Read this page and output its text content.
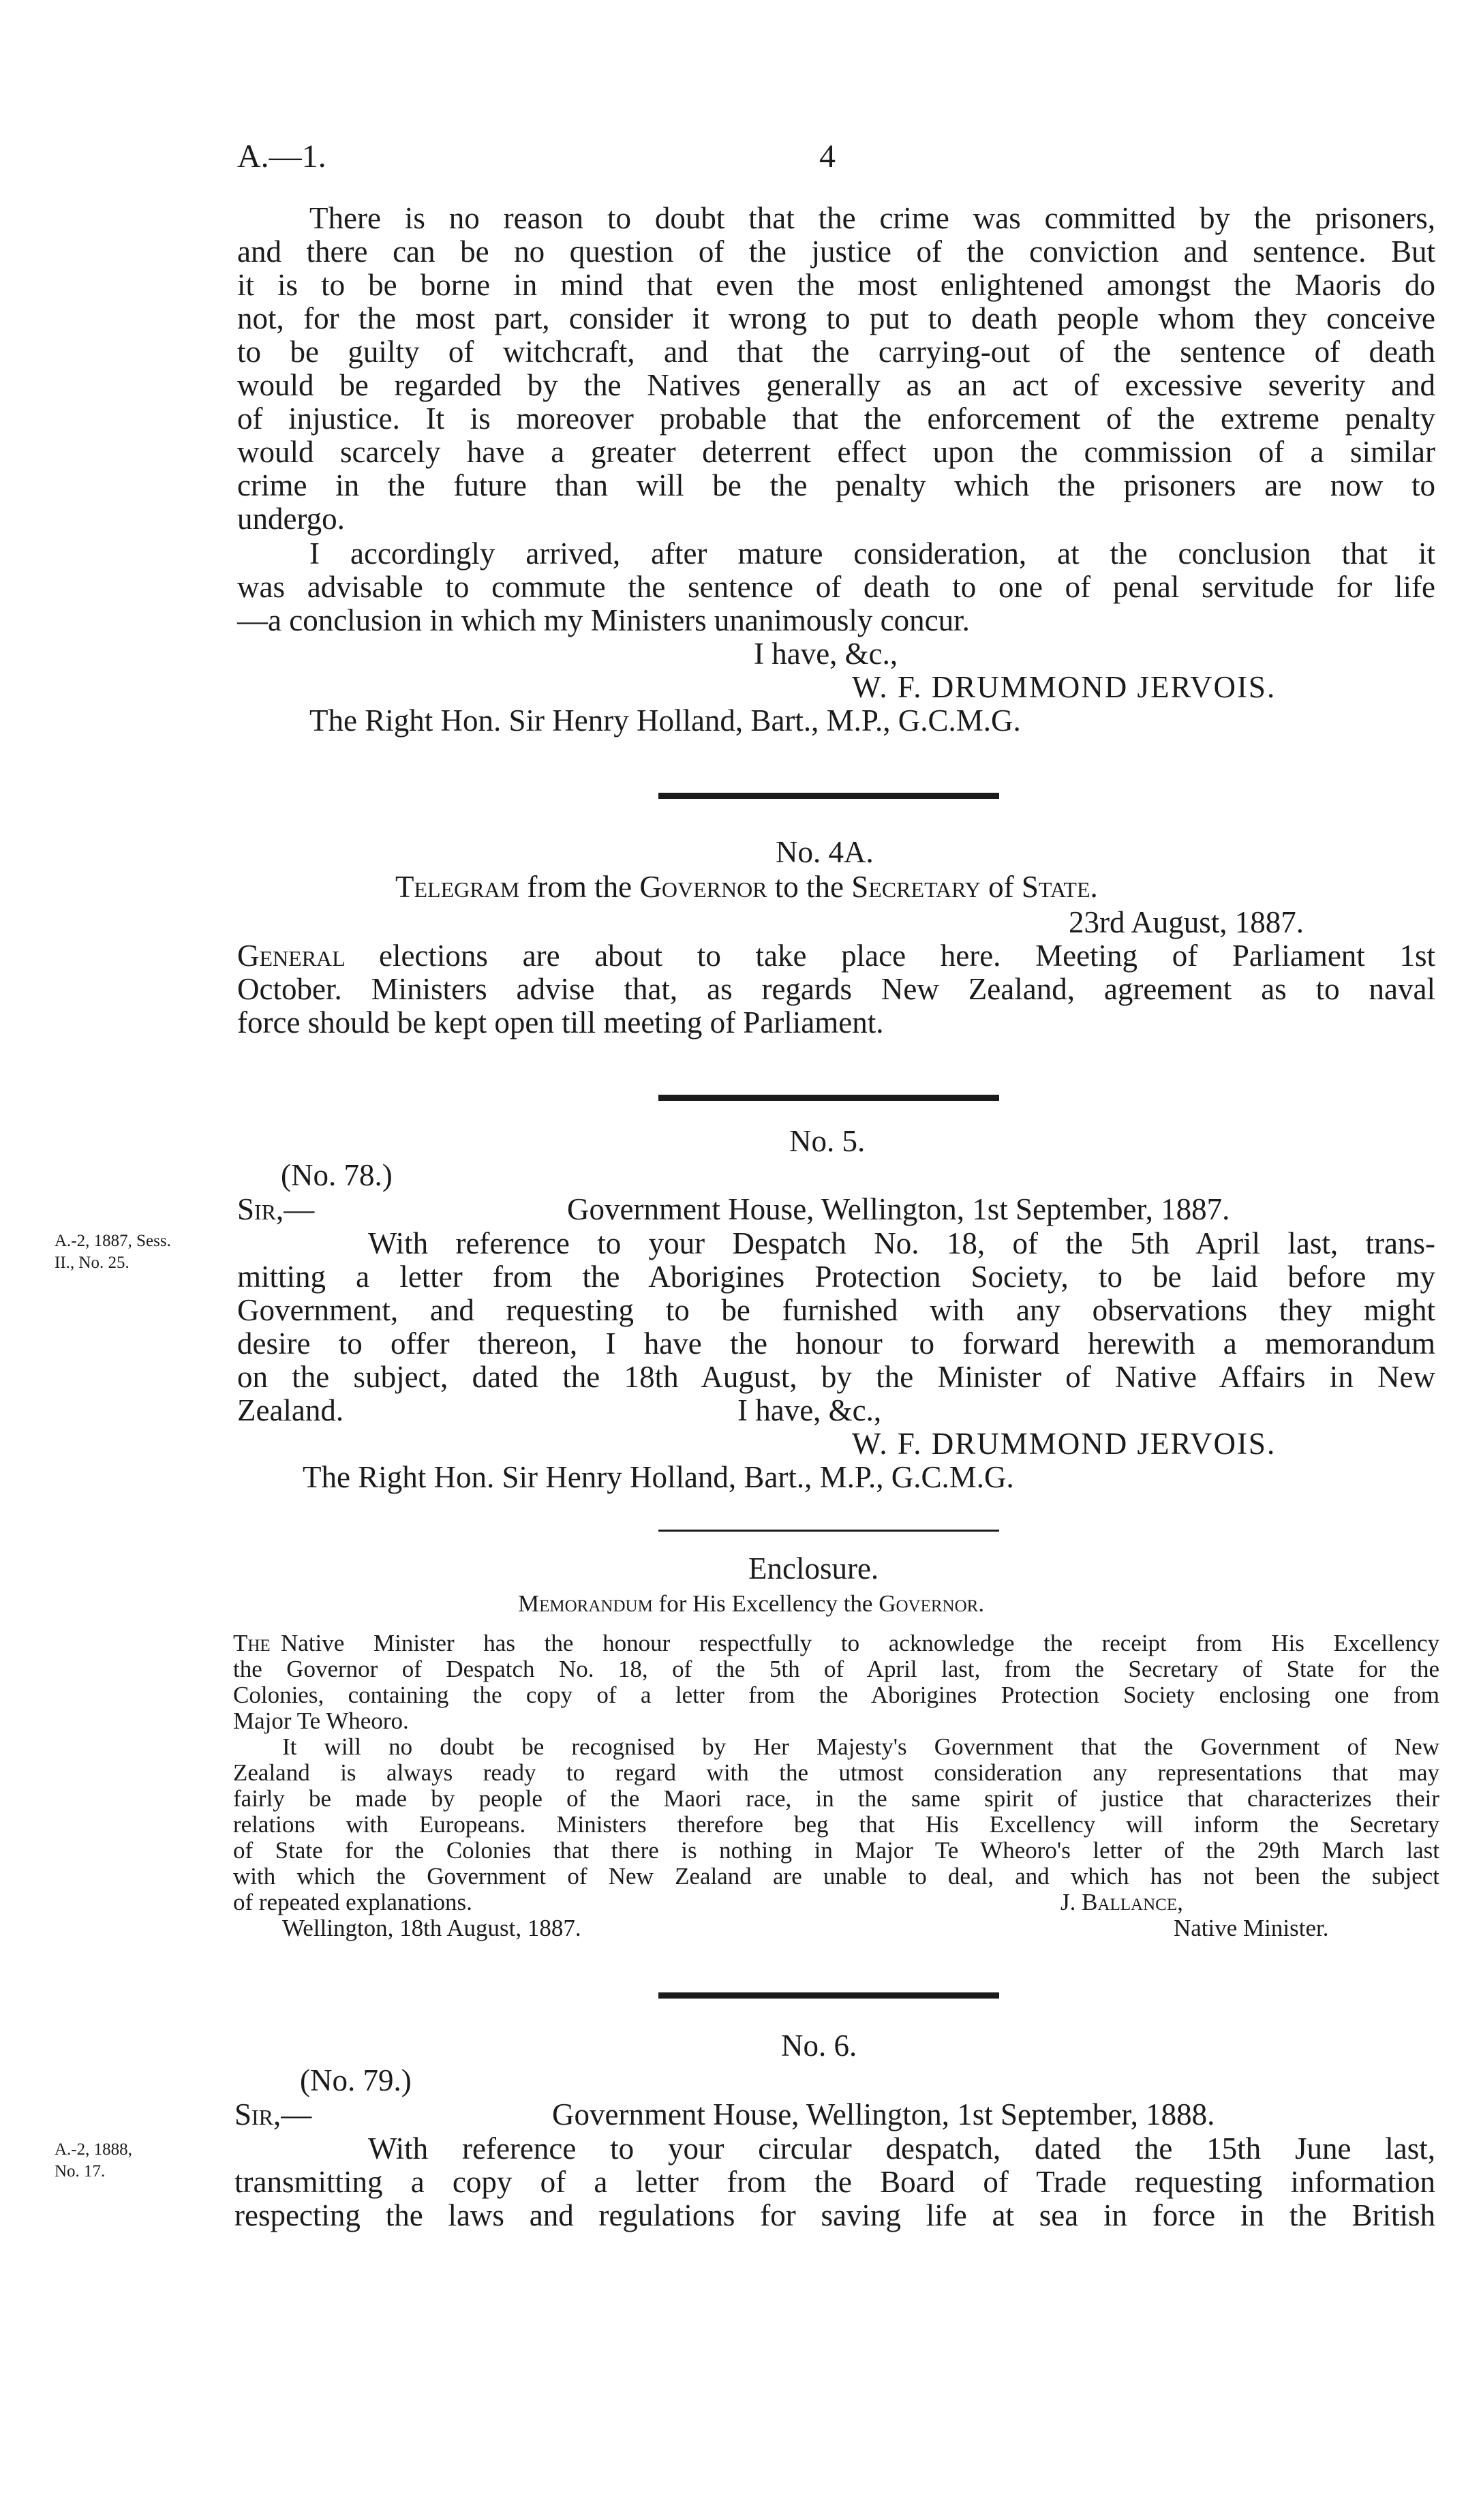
A.—1.	4
There is no reason to doubt that the crime was committed by the prisoners,
and there can be no question of the justice of the conviction and sentence. But
it is to be borne in mind that even the most enlightened amongst the Maoris do
not, for the most part, consider it wrong to put to death people whom they conceive
to be guilty of witchcraft, and that the carrying-out of the sentence of death
would be regarded by the Natives generally as an act of excessive severity and
of injustice. It is moreover probable that the enforcement of the extreme penalty
would scarcely have a greater deterrent effect upon the commission of a similar
crime in the future than will be the penalty which the prisoners are now to
undergo.
I accordingly arrived, after mature consideration, at the conclusion that it
was advisable to commute the sentence of death to one of penal servitude for life
—a conclusion in which my Ministers unanimously concur.
I have, &c.,
W. F. DRUMMOND JERVOIS.
The Right Hon. Sir Henry Holland, Bart., M.P., G.C.M.G.
No. 4A.
Telegram from the Governor to the Secretary of State.
23rd August, 1887.
General elections are about to take place here. Meeting of Parliament 1st
October. Ministers advise that, as regards New Zealand, agreement as to naval
force should be kept open till meeting of Parliament.
No. 5.
(No. 78.)
Sir,—	Government House, Wellington, 1st September, 1887.
A.-2, 1887, Sess.
II., No. 25.
With reference to your Despatch No. 18, of the 5th April last, trans-
mitting a letter from the Aborigines Protection Society, to be laid before my
Government, and requesting to be furnished with any observations they might
desire to offer thereon, I have the honour to forward herewith a memorandum
on the subject, dated the 18th August, by the Minister of Native Affairs in New
Zealand.	I have, &c.,
W. F. DRUMMOND JERVOIS.
The Right Hon. Sir Henry Holland, Bart., M.P., G.C.M.G.
Enclosure.
Memorandum for His Excellency the Governor.
The Native Minister has the honour respectfully to acknowledge the receipt from His Excellency
the Governor of Despatch No. 18, of the 5th of April last, from the Secretary of State for the
Colonies, containing the copy of a letter from the Aborigines Protection Society enclosing one from
Major Te Wheoro.
It will no doubt be recognised by Her Majesty's Government that the Government of New
Zealand is always ready to regard with the utmost consideration any representations that may
fairly be made by people of the Maori race, in the same spirit of justice that characterizes their
relations with Europeans. Ministers therefore beg that His Excellency will inform the Secretary
of State for the Colonies that there is nothing in Major Te Wheoro's letter of the 29th March last
with which the Government of New Zealand are unable to deal, and which has not been the subject
of repeated explanations.	J. Ballance,
Wellington, 18th August, 1887.	Native Minister.
No. 6.
(No. 79.)
Sir,—	Government House, Wellington, 1st September, 1888.
A.-2, 1888,
No. 17.
With reference to your circular despatch, dated the 15th June last,
transmitting a copy of a letter from the Board of Trade requesting information
respecting the laws and regulations for saving life at sea in force in the British
